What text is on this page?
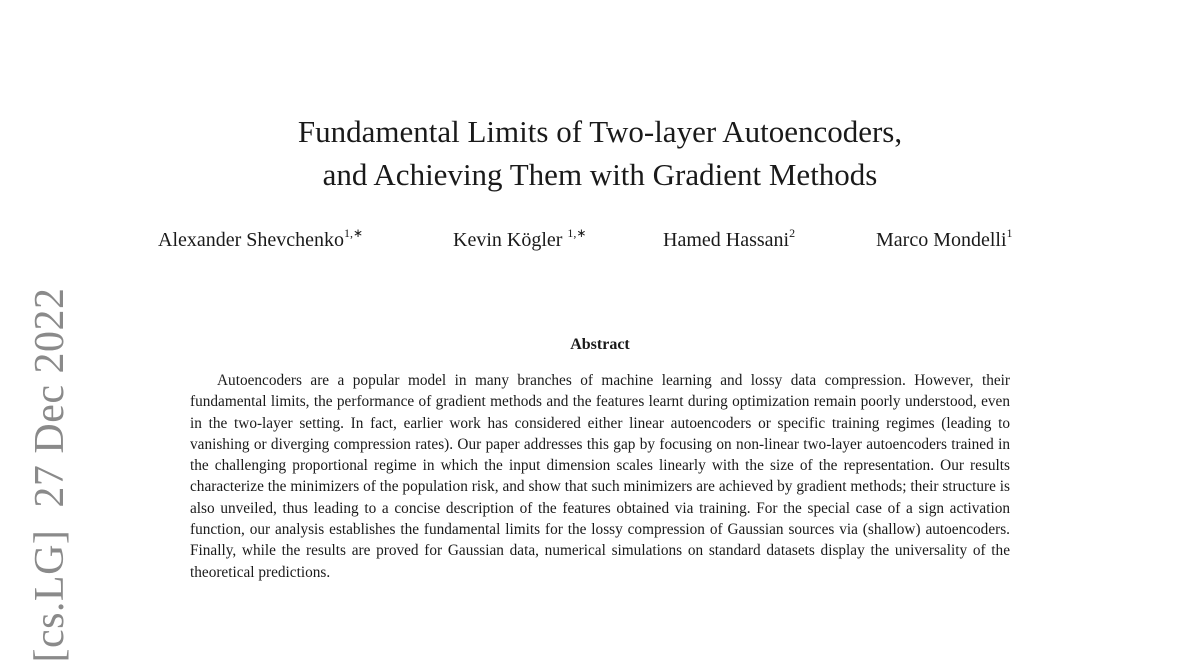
[cs.LG]27 Dec 2022
Fundamental Limits of Two-layer Autoencoders,
and Achieving Them with Gradient Methods
Alexander Shevchenko$^{1,∗}$	Kevin Kögler $^{1,∗}$	Hamed Hassani$^2$	Marco Mondelli$^1$
Abstract

Autoencoders are a popular model in many branches of machine learning and lossy data compression. However, their fundamental limits, the performance of gradient methods and the features learnt during optimization remain poorly understood, even in the two-layer setting. In fact, earlier work has considered either linear autoencoders or specific training regimes (leading to vanishing or diverging compression rates). Our paper addresses this gap by focusing on non-linear two-layer autoencoders trained in the challenging proportional regime in which the input dimension scales linearly with the size of the representation. Our results characterize the minimizers of the population risk, and show that such minimizers are achieved by gradient methods; their structure is also unveiled, thus leading to a concise description of the features obtained via training. For the special case of a sign activation function, our analysis establishes the fundamental limits for the lossy compression of Gaussian sources via (shallow) autoencoders. Finally, while the results are proved for Gaussian data, numerical simulations on standard datasets display the universality of the theoretical predictions.
